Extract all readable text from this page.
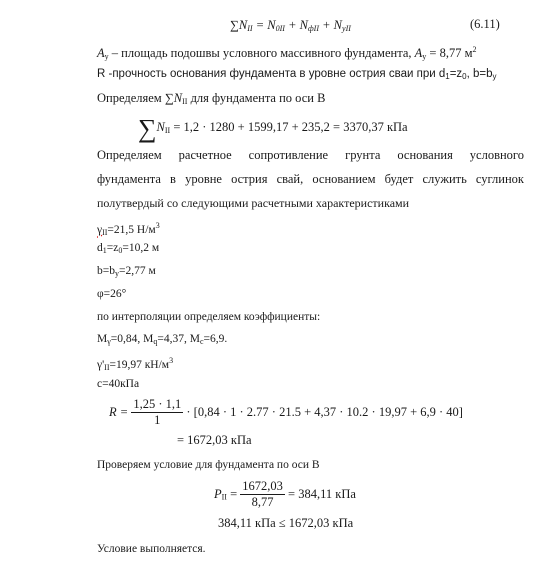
$\sum N_{II} = N_{0II} + N_{фII} + N_{yII}$	(6.11)
$A_y$ – площадь подошвы условного массивного фундамента, $A_y = 8,77$ $м^2$
R -прочность основания фундамента в уровне острия сваи при $d_1=z_0$, $b=b_y$
Определяем $\sum N_{II}$ для фундамента по оси В
$\sum N_{II} = 1,2 \cdot 1280 + 1599,17 + 235,2 = 3370,37$ кПа
Определяем расчетное сопротивление грунта основания условного
фундамента в уровне острия свай, основанием будет служить суглинок
полутвердый со следующими расчетными характеристиками
$\gamma_{II}=21,5$ $Н/м^3$
$d_1=z_0=10,2$ м
$b=b_y=2,77$ м
φ=26°
по интерполяции определяем коэффициенты:
$M_\gamma=0,84$, $M_q=4,37$, $M_c=6,9$.
$\gamma'_{II}=19,97$ $кН/м^3$
c=40кПа
$R = \frac{1,25 \cdot 1,1}{1} \cdot [0,84 \cdot 1 \cdot 2.77 \cdot 21.5 + 4,37 \cdot 10.2 \cdot 19,97 + 6,9 \cdot 40]$
= 1672,03 кПа
Проверяем условие для фундамента по оси В
$P_{II} = \frac{1672,03}{8,77} = 384,11$ кПа
384,11 кПа ≤ 1672,03 кПа
Условие выполняется.
